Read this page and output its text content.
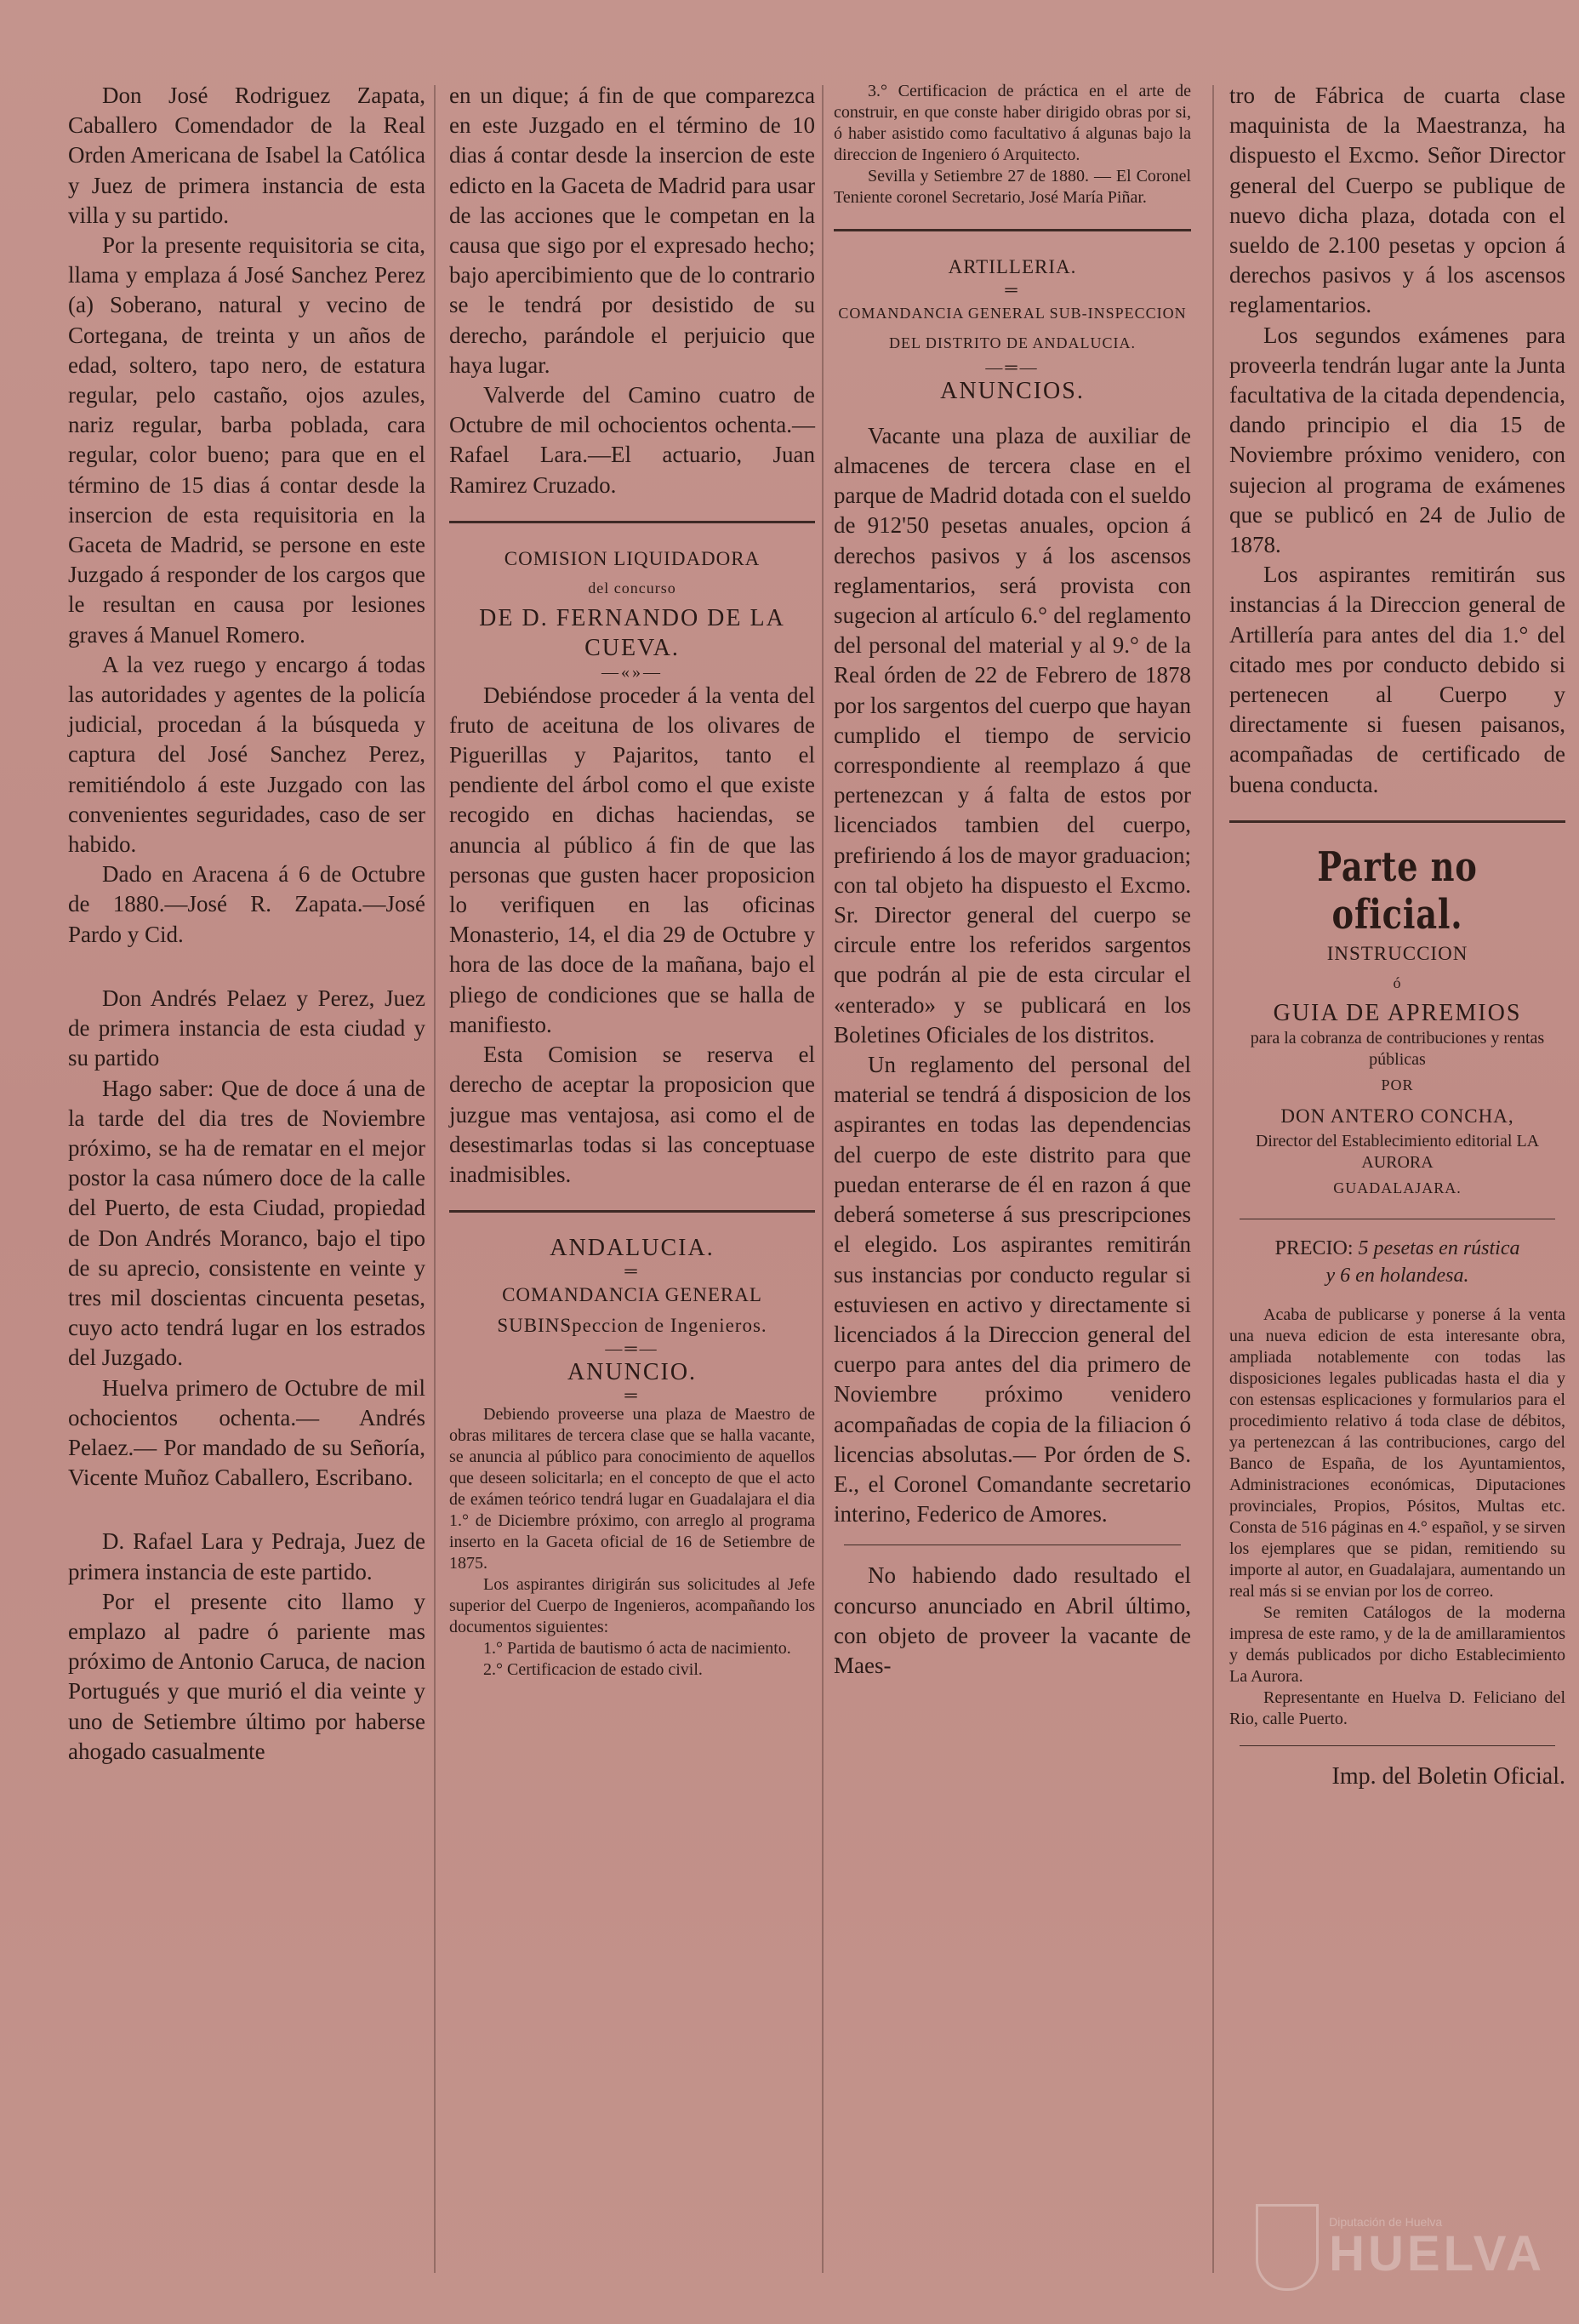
Don José Rodriguez Zapata, Caballero Comendador de la Real Orden Americana de Isabel la Católica y Juez de primera instancia de esta villa y su partido.

Por la presente requisitoria se cita, llama y emplaza á José Sanchez Perez (a) Soberano, natural y vecino de Cortegana, de treinta y un años de edad, soltero, tapo nero, de estatura regular, pelo castaño, ojos azules, nariz regular, barba poblada, cara regular, color bueno; para que en el término de 15 dias á contar desde la insercion de esta requisitoria en la Gaceta de Madrid, se persone en este Juzgado á responder de los cargos que le resultan en causa por lesiones graves á Manuel Romero.

A la vez ruego y encargo á todas las autoridades y agentes de la policía judicial, procedan á la búsqueda y captura del José Sanchez Perez, remitiéndolo á este Juzgado con las convenientes seguridades, caso de ser habido.

Dado en Aracena á 6 de Octubre de 1880.—José R. Zapata.—José Pardo y Cid.

Don Andrés Pelaez y Perez, Juez de primera instancia de esta ciudad y su partido

Hago saber: Que de doce á una de la tarde del dia tres de Noviembre próximo, se ha de rematar en el mejor postor la casa número doce de la calle del Puerto, de esta Ciudad, propiedad de Don Andrés Moranco, bajo el tipo de su aprecio, consistente en veinte y tres mil doscientas cincuenta pesetas, cuyo acto tendrá lugar en los estrados del Juzgado.

Huelva primero de Octubre de mil ochocientos ochenta.— Andrés Pelaez.— Por mandado de su Señoría, Vicente Muñoz Caballero, Escribano.

D. Rafael Lara y Pedraja, Juez de primera instancia de este partido.

Por el presente cito llamo y emplazo al padre ó pariente mas próximo de Antonio Caruca, de nacion Portugués y que murió el dia veinte y uno de Setiembre último por haberse ahogado casualmente

en un dique; á fin de que comparezca en este Juzgado en el término de 10 dias á contar desde la insercion de este edicto en la Gaceta de Madrid para usar de las acciones que le competan en la causa que sigo por el expresado hecho; bajo apercibimiento que de lo contrario se le tendrá por desistido de su derecho, parándole el perjuicio que haya lugar.

Valverde del Camino cuatro de Octubre de mil ochocientos ochenta.—Rafael Lara.—El actuario, Juan Ramirez Cruzado.

COMISION LIQUIDADORA

del concurso

DE D. FERNANDO DE LA CUEVA.

—«»—

Debiéndose proceder á la venta del fruto de aceituna de los olivares de Piguerillas y Pajaritos, tanto el pendiente del árbol como el que existe recogido en dichas haciendas, se anuncia al público á fin de que las personas que gusten hacer proposicion lo verifiquen en las oficinas Monasterio, 14, el dia 29 de Octubre y hora de las doce de la mañana, bajo el pliego de condiciones que se halla de manifiesto.

Esta Comision se reserva el derecho de aceptar la proposicion que juzgue mas ventajosa, asi como el de desestimarlas todas si las conceptuase inadmisibles.

ANDALUCIA.

═

COMANDANCIA GENERAL SUBINSpeccion de Ingenieros.

—═—

ANUNCIO.

═

Debiendo proveerse una plaza de Maestro de obras militares de tercera clase que se halla vacante, se anuncia al público para conocimiento de aquellos que deseen solicitarla; en el concepto de que el acto de exámen teórico tendrá lugar en Guadalajara el dia 1.° de Diciembre próximo, con arreglo al programa inserto en la Gaceta oficial de 16 de Setiembre de 1875.

Los aspirantes dirigirán sus solicitudes al Jefe superior del Cuerpo de Ingenieros, acompañando los documentos siguientes:

1.° Partida de bautismo ó acta de nacimiento.

2.° Certificacion de estado civil.

3.° Certificacion de práctica en el arte de construir, en que conste haber dirigido obras por si, ó haber asistido como facultativo á algunas bajo la direccion de Ingeniero ó Arquitecto.

Sevilla y Setiembre 27 de 1880. — El Coronel Teniente coronel Secretario, José María Piñar.

ARTILLERIA.

═

COMANDANCIA GENERAL SUB-INSPECCION DEL DISTRITO DE ANDALUCIA.

—═—

ANUNCIOS.

Vacante una plaza de auxiliar de almacenes de tercera clase en el parque de Madrid dotada con el sueldo de 912'50 pesetas anuales, opcion á derechos pasivos y á los ascensos reglamentarios, será provista con sugecion al artículo 6.° del reglamento del personal del material y al 9.° de la Real órden de 22 de Febrero de 1878 por los sargentos del cuerpo que hayan cumplido el tiempo de servicio correspondiente al reemplazo á que pertenezcan y á falta de estos por licenciados tambien del cuerpo, prefiriendo á los de mayor graduacion; con tal objeto ha dispuesto el Excmo. Sr. Director general del cuerpo se circule entre los referidos sargentos que podrán al pie de esta circular el «enterado» y se publicará en los Boletines Oficiales de los distritos.

Un reglamento del personal del material se tendrá á disposicion de los aspirantes en todas las dependencias del cuerpo de este distrito para que puedan enterarse de él en razon á que deberá someterse á sus prescripciones el elegido. Los aspirantes remitirán sus instancias por conducto regular si estuviesen en activo y directamente si licenciados á la Direccion general del cuerpo para antes del dia primero de Noviembre próximo venidero acompañadas de copia de la filiacion ó licencias absolutas.— Por órden de S. E., el Coronel Comandante secretario interino, Federico de Amores.

No habiendo dado resultado el concurso anunciado en Abril último, con objeto de proveer la vacante de Maes-

tro de Fábrica de cuarta clase maquinista de la Maestranza, ha dispuesto el Excmo. Señor Director general del Cuerpo se publique de nuevo dicha plaza, dotada con el sueldo de 2.100 pesetas y opcion á derechos pasivos y á los ascensos reglamentarios.

Los segundos exámenes para proveerla tendrán lugar ante la Junta facultativa de la citada dependencia, dando principio el dia 15 de Noviembre próximo venidero, con sujecion al programa de exámenes que se publicó en 24 de Julio de 1878.

Los aspirantes remitirán sus instancias á la Direccion general de Artillería para antes del dia 1.° del citado mes por conducto debido si pertenecen al Cuerpo y directamente si fuesen paisanos, acompañadas de certificado de buena conducta.

Parte no oficial.

INSTRUCCION

ó

GUIA DE APREMIOS

para la cobranza de contribuciones y rentas públicas

POR

DON ANTERO CONCHA,

Director del Establecimiento editorial LA AURORA

GUADALAJARA.

PRECIO: 5 pesetas en rústica

y 6 en holandesa.

Acaba de publicarse y ponerse á la venta una nueva edicion de esta interesante obra, ampliada notablemente con todas las disposiciones legales publicadas hasta el dia y con estensas esplicaciones y formularios para el procedimiento relativo á toda clase de débitos, ya pertenezcan á las contribuciones, cargo del Banco de España, de los Ayuntamientos, Administraciones económicas, Diputaciones provinciales, Propios, Pósitos, Multas etc. Consta de 516 páginas en 4.° español, y se sirven los ejemplares que se pidan, remitiendo su importe al autor, en Guadalajara, aumentando un real más si se envian por los de correo.

Se remiten Catálogos de la moderna impresa de este ramo, y de la de amillaramientos y demás publicados por dicho Establecimiento La Aurora.

Representante en Huelva D. Feliciano del Rio, calle Puerto.

Imp. del Boletin Oficial.

Diputación de Huelva
HUELVA
